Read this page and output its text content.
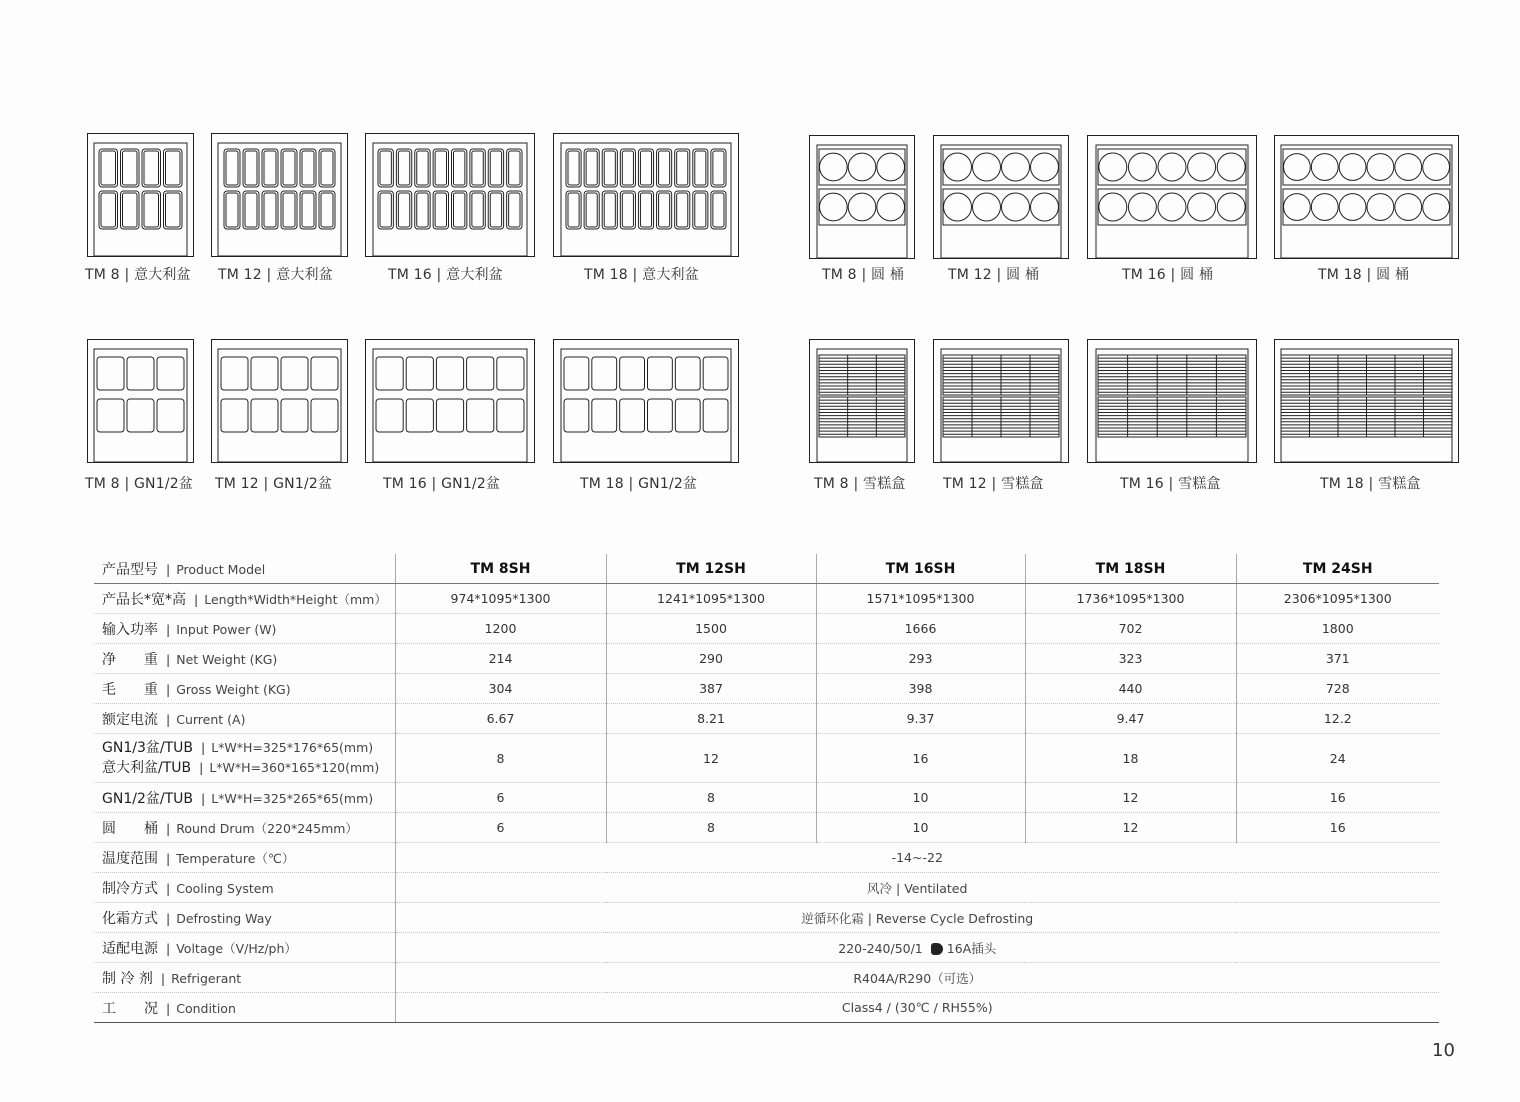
TM 8 | 意大利盆 TM 12 | 意大利盆	TM 16 | 意大利盆	TM 18 | 意大利盆	TM 8 | 圆 桶	TM 12 | 圆 桶	TM 16 | 圆 桶	TM 18 | 圆 桶
TM 8 | GN1/2盆 TM 12 | GN1/2盆	TM 16 | GN1/2盆	TM 18 | GN1/2盆	TM 8 | 雪糕盒	TM 12 | 雪糕盒	TM 16 | 雪糕盒	TM 18 | 雪糕盒
产品型号 | Product Model	TM 8SH	TM 12SH	TM 16SH	TM 18SH	TM 24SH
产品长*宽*高 | Length*Width*Height（mm）	974*1095*1300	1241*1095*1300	1571*1095*1300	1736*1095*1300	2306*1095*1300
输入功率 | Input Power (W)	1200	1500	1666	702	1800
净　　重 | Net Weight (KG)	214	290	293	323	371
毛　　重 | Gross Weight (KG)	304	387	398	440	728
额定电流 | Current (A)	6.67	8.21	9.37	9.47	12.2

GN1/3盆/TUB | L*W*H=325*176*65(mm)
意大利盆/TUB | L*W*H=360*165*120(mm)	8	12	16	18	24
GN1/2盆/TUB | L*W*H=325*265*65(mm)	6	8	10	12	16
圆　　桶 | Round Drum（220*245mm）	6	8	10	12	16
温度范围 | Temperature（℃）	-14~-22				
制冷方式 | Cooling System	风冷 | Ventilated				
化霜方式 | Defrosting Way	逆循环化霜 | Reverse Cycle Defrosting				
适配电源 | Voltage（V/Hz/ph）	220-240/50/1 16A插头				
制 冷 剂 | Refrigerant	R404A/R290（可选）				
工　　况 | Condition	Class4 / (30℃ / RH55%)				
10
